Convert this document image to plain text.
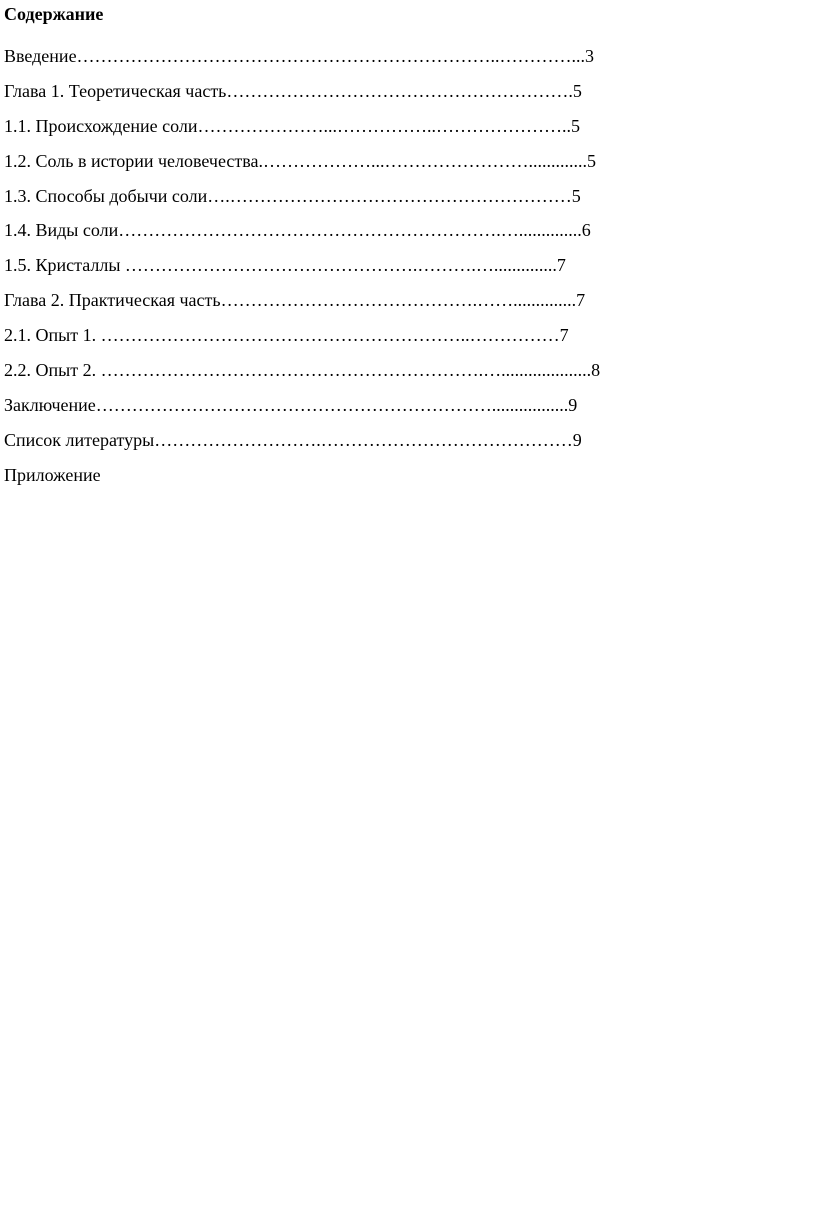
Содержание
Введение……………………………………………………………..…………...3
Глава 1. Теоретическая часть………………………………………………….5
1.1. Происхождение соли…………………...……………..…………………..5
1.2. Соль в истории человечества.………………...…………………….............5
1.3. Способы добычи соли….…………………………………………………5
1.4. Виды соли……………………………………………………….…..............6
1.5. Кристаллы ………………………………………….……….…..............7
Глава 2. Практическая часть…………………………………….……..............7
2.1. Опыт 1. ……………………………………………………..……………7
2.2. Опыт 2. ……………………………………………………….…....................8
Заключение………………………………………………………….................9
Список литературы……………………….……………………………………9
Приложение
